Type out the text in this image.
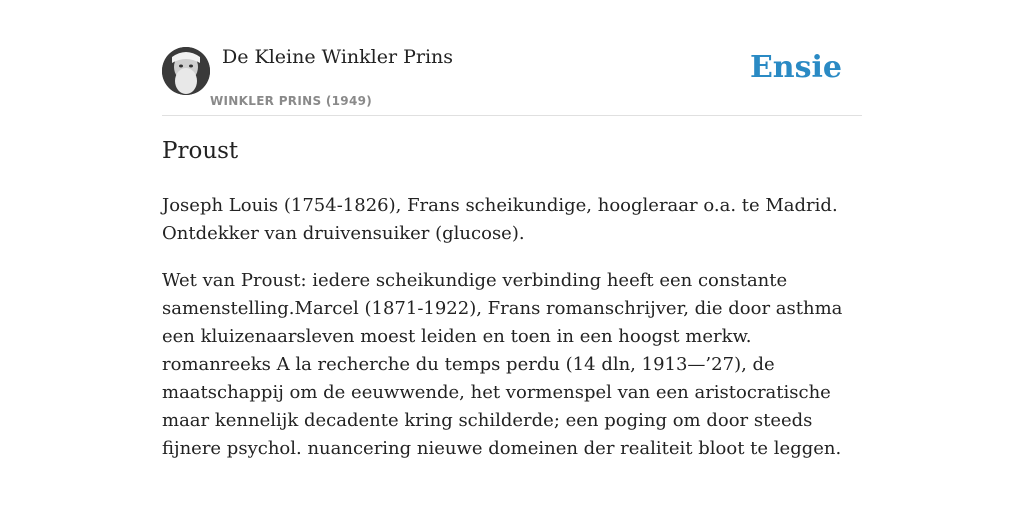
De Kleine Winkler Prins
WINKLER PRINS (1949)
Ensie
Proust

Joseph Louis (1754-1826), Frans scheikundige, hoogleraar o.a. te Madrid. Ontdekker van druivensuiker (glucose).

Wet van Proust: iedere scheikundige verbinding heeft een constante samenstelling.Marcel (1871-1922), Frans romanschrijver, die door asthma een kluizenaarsleven moest leiden en toen in een hoogst merkw. romanreeks A la recherche du temps perdu (14 dln, 1913—’27), de maatschappij om de eeuwwende, het vormenspel van een aristocratische maar kennelijk decadente kring schilderde; een poging om door steeds fijnere psychol. nuancering nieuwe domeinen der realiteit bloot te leggen.
